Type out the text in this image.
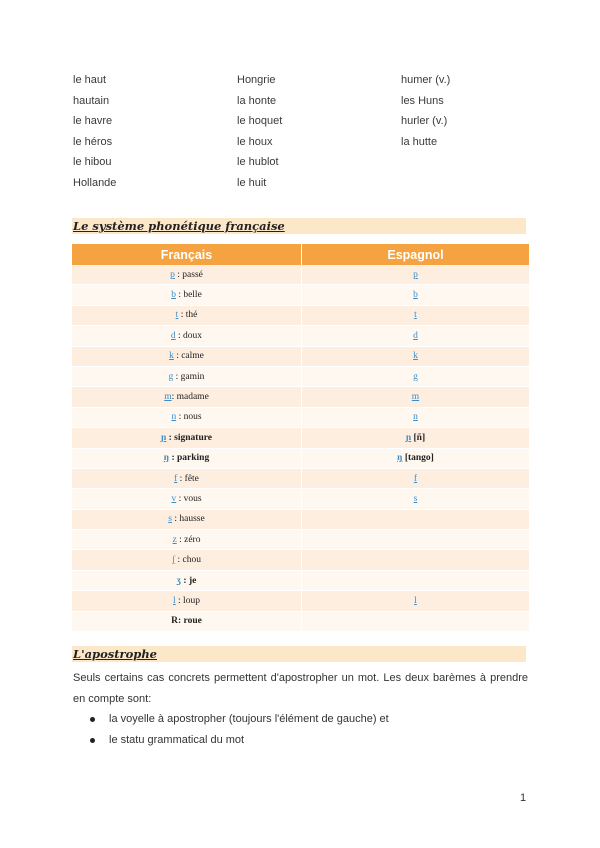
le haut	Hongrie	humer (v.)
hautain	la honte	les Huns
le havre	le hoquet	hurler (v.)
le héros	le houx	la hutte
le hibou	le hublot
Hollande	le huit
Le système phonétique française
Français	Espagnol
p : passé	p
b : belle	b
t : thé	t
d : doux	d
k : calme	k
g : gamin	g
m: madame	m
n : nous	n
ɲ : signature	ɲ [ñ]
ŋ : parking	ŋ [tango]
f : fête	f
v : vous	s
s : hausse	
z : zéro	
ʃ : chou	
ʒ : je	
l : loup	l
R: roue	
L'apostrophe

Seuls certains cas concrets permettent d'apostropher un mot. Les deux barèmes à prendre en compte sont:

la voyelle à apostropher (toujours l'élément de gauche) et
le statu grammatical du mot
1
